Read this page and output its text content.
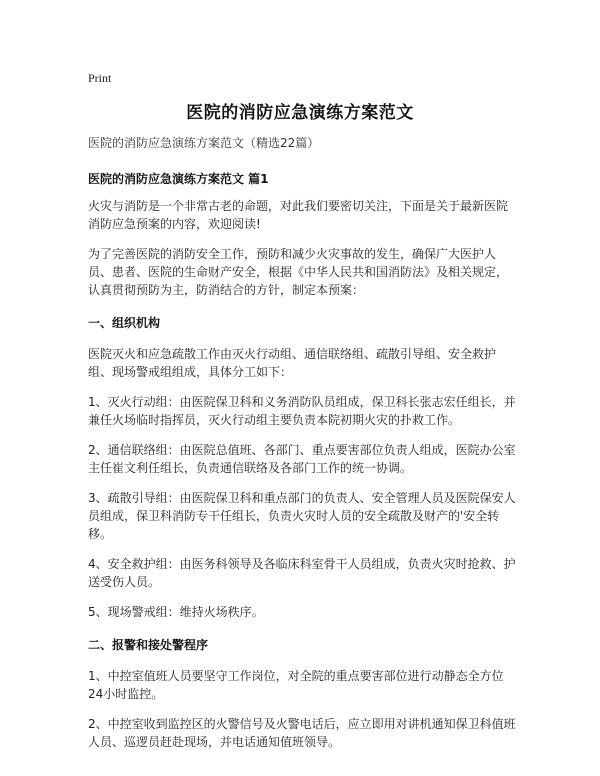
Print
医院的消防应急演练方案范文

医院的消防应急演练方案范文（精选22篇）

医院的消防应急演练方案范文 篇1

火灾与消防是一个非常古老的命题，对此我们要密切关注，下面是关于最新医院消防应急预案的内容，欢迎阅读!

为了完善医院的消防安全工作，预防和减少火灾事故的发生，确保广大医护人员、患者、医院的生命财产安全，根据《中华人民共和国消防法》及相关规定，认真贯彻预防为主，防消结合的方针，制定本预案：

一、组织机构

医院灭火和应急疏散工作由灭火行动组、通信联络组、疏散引导组、安全救护组、现场警戒组组成，具体分工如下：

1、灭火行动组：由医院保卫科和义务消防队员组成，保卫科长张志宏任组长，并兼任火场临时指挥员，灭火行动组主要负责本院初期火灾的扑救工作。

2、通信联络组：由医院总值班、各部门、重点要害部位负责人组成，医院办公室主任崔文利任组长，负责通信联络及各部门工作的统一协调。

3、疏散引导组：由医院保卫科和重点部门的负责人、安全管理人员及医院保安人员组成，保卫科消防专干任组长，负责火灾时人员的安全疏散及财产的'安全转移。

4、安全救护组：由医务科领导及各临床科室骨干人员组成，负责火灾时抢救、护送受伤人员。

5、现场警戒组：维持火场秩序。

二、报警和接处警程序

1、中控室值班人员要坚守工作岗位，对全院的重点要害部位进行动静态全方位24小时监控。

2、中控室收到监控区的火警信号及火警电话后，应立即用对讲机通知保卫科值班人员、巡逻员赶赴现场，并电话通知值班领导。
